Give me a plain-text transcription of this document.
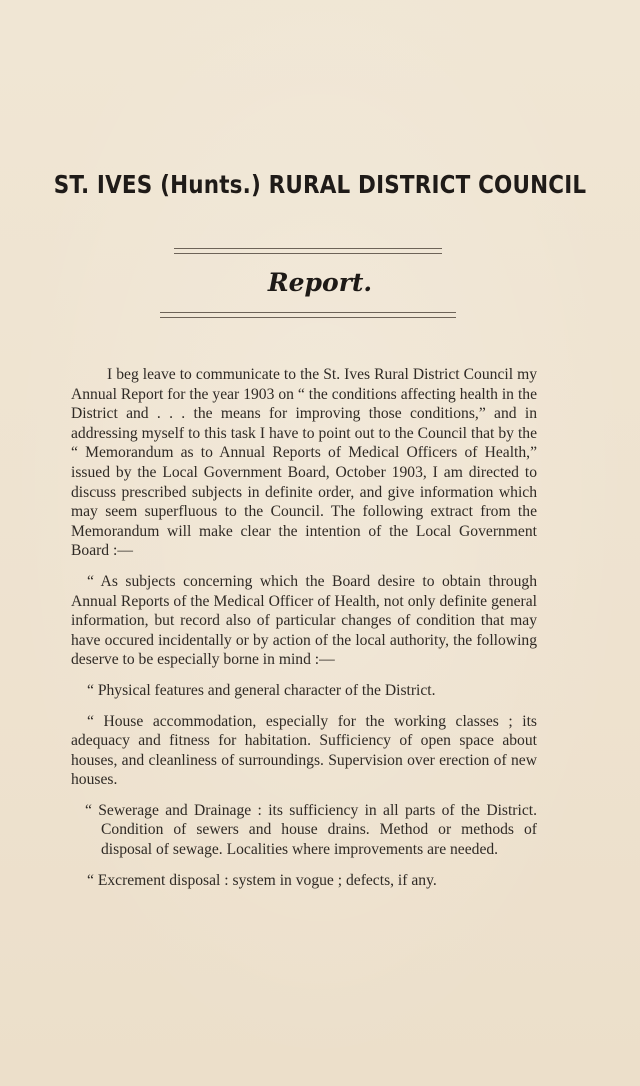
ST. IVES (Hunts.) RURAL DISTRICT COUNCIL
Report.

I beg leave to communicate to the St. Ives Rural District Council my Annual Report for the year 1903 on “ the conditions affecting health in the District and . . . the means for improving those conditions,” and in addressing myself to this task I have to point out to the Council that by the “ Memorandum as to Annual Reports of Medical Officers of Health,” issued by the Local Government Board, October 1903, I am directed to discuss prescribed subjects in definite order, and give information which may seem superfluous to the Council. The following extract from the Memorandum will make clear the intention of the Local Government Board :—

“ As subjects concerning which the Board desire to obtain through Annual Reports of the Medical Officer of Health, not only definite general information, but record also of particular changes of condition that may have occured incidentally or by action of the local authority, the following deserve to be especially borne in mind :—

“ Physical features and general character of the District.

“ House accommodation, especially for the working classes ; its adequacy and fitness for habitation. Sufficiency of open space about houses, and cleanliness of surroundings. Supervision over erection of new houses.

“ Sewerage and Drainage : its sufficiency in all parts of the District. Condition of sewers and house drains. Method or methods of disposal of sewage. Localities where improvements are needed.

“ Excrement disposal : system in vogue ; defects, if any.
